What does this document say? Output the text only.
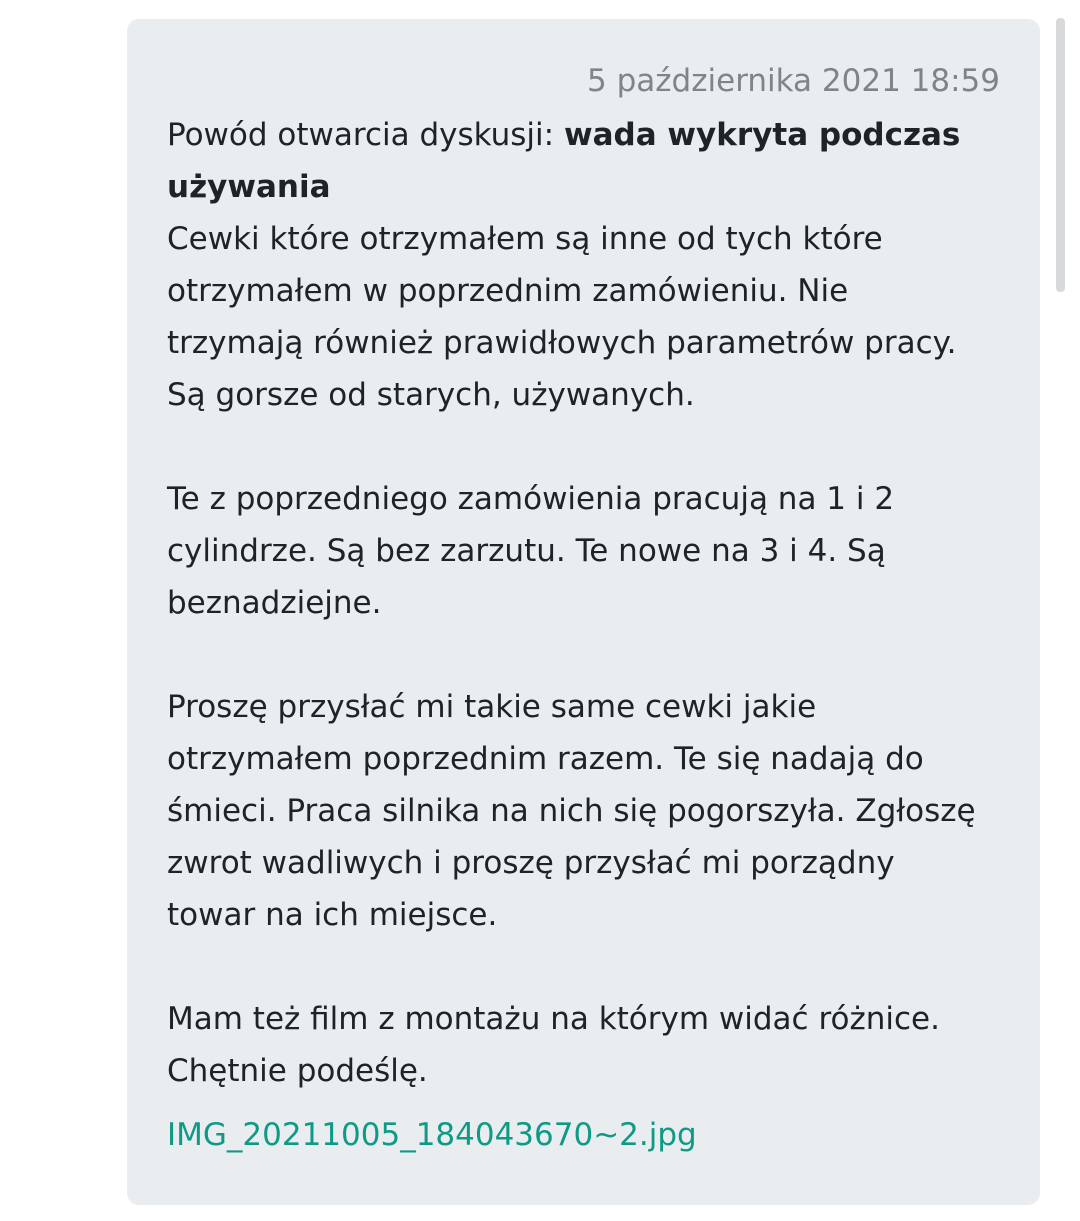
5 października 2021 18:59
Powód otwarcia dyskusji: wada wykryta podczas
używania
Cewki które otrzymałem są inne od tych które
otrzymałem w poprzednim zamówieniu. Nie
trzymają również prawidłowych parametrów pracy.
Są gorsze od starych, używanych.
Te z poprzedniego zamówienia pracują na 1 i 2
cylindrze. Są bez zarzutu. Te nowe na 3 i 4. Są
beznadziejne.
Proszę przysłać mi takie same cewki jakie
otrzymałem poprzednim razem. Te się nadają do
śmieci. Praca silnika na nich się pogorszyła. Zgłoszę
zwrot wadliwych i proszę przysłać mi porządny
towar na ich miejsce.
Mam też film z montażu na którym widać różnice.
Chętnie podeślę.
IMG_20211005_184043670~2.jpg
